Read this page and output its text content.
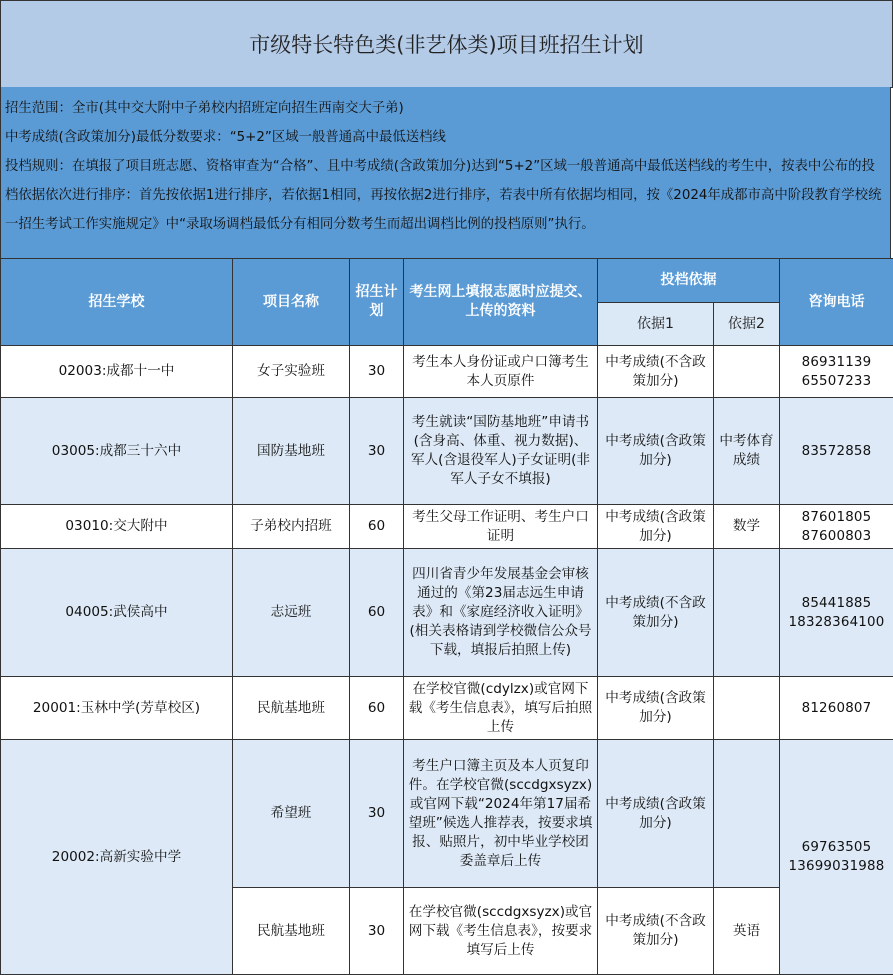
市级特长特色类(非艺体类)项目班招生计划
招生范围：全市(其中交大附中子弟校内招班定向招生西南交大子弟)
中考成绩(含政策加分)最低分数要求：“5+2”区域一般普通高中最低送档线
投档规则：在填报了项目班志愿、资格审查为“合格”、且中考成绩(含政策加分)达到“5+2”区域一般普通高中最低送档线的考生中，按表中公布的投档依据依次进行排序：首先按依据1进行排序，若依据1相同，再按依据2进行排序，若表中所有依据均相同，按《2024年成都市高中阶段教育学校统一招生考试工作实施规定》中“录取场调档最低分有相同分数考生而超出调档比例的投档原则”执行。
招生学校	项目名称	招生计划	考生网上填报志愿时应提交、上传的资料	投档依据		咨询电话
				依据1	依据2	
02003:成都十一中	女子实验班	30	考生本人身份证或户口簿考生本人页原件	中考成绩(不含政策加分)		86931139
65507233
03005:成都三十六中	国防基地班	30	考生就读“国防基地班”申请书(含身高、体重、视力数据)、军人(含退役军人)子女证明(非军人子女不填报)	中考成绩(含政策加分)	中考体育成绩	83572858
03010:交大附中	子弟校内招班	60	考生父母工作证明、考生户口证明	中考成绩(含政策加分)	数学	87601805
87600803
04005:武侯高中	志远班	60	四川省青少年发展基金会审核通过的《第23届志远生申请表》和《家庭经济收入证明》(相关表格请到学校微信公众号下载，填报后拍照上传)	中考成绩(不含政策加分)		85441885
18328364100
20001:玉林中学(芳草校区)	民航基地班	60	在学校官微(cdylzx)或官网下载《考生信息表》，填写后拍照上传	中考成绩(含政策加分)		81260807
20002:高新实验中学	希望班	30	考生户口簿主页及本人页复印件。在学校官微(sccdgxsyzx)或官网下载“2024年第17届希望班”候选人推荐表，按要求填报、贴照片，初中毕业学校团委盖章后上传	中考成绩(含政策加分)		69763505
13699031988
	民航基地班	30	在学校官微(sccdgxsyzx)或官网下载《考生信息表》，按要求填写后上传	中考成绩(不含政策加分)	英语	
